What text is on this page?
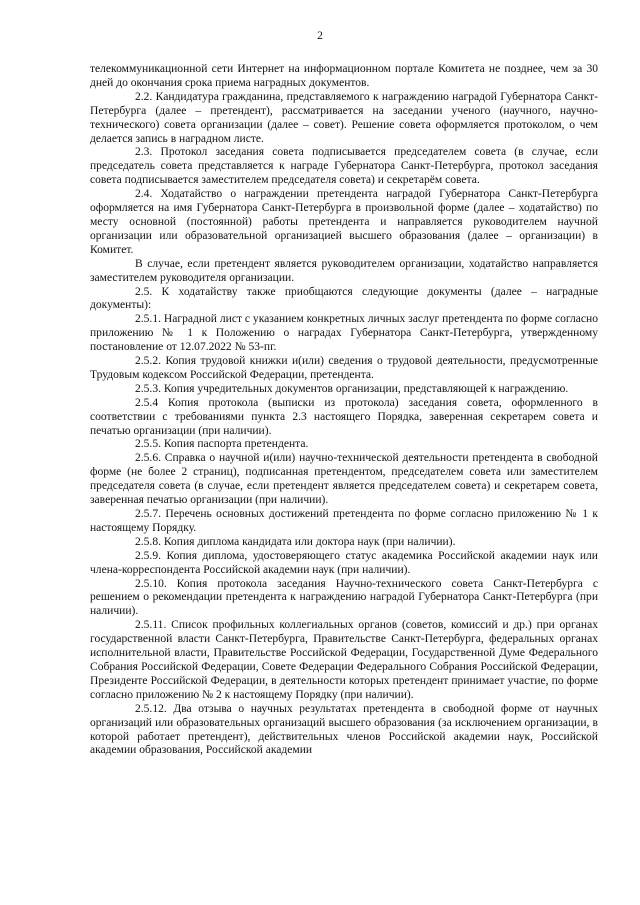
2

телекоммуникационной сети Интернет на информационном портале Комитета не позднее, чем за 30 дней до окончания срока приема наградных документов.

2.2. Кандидатура гражданина, представляемого к награждению наградой Губернатора Санкт-Петербурга (далее – претендент), рассматривается на заседании ученого (научного, научно-технического) совета организации (далее – совет). Решение совета оформляется протоколом, о чем делается запись в наградном листе.

2.3. Протокол заседания совета подписывается председателем совета (в случае, если председатель совета представляется к награде Губернатора Санкт-Петербурга, протокол заседания совета подписывается заместителем председателя совета) и секретарём совета.

2.4. Ходатайство о награждении претендента наградой Губернатора Санкт-Петербурга оформляется на имя Губернатора Санкт-Петербурга в произвольной форме (далее – ходатайство) по месту основной (постоянной) работы претендента и направляется руководителем научной организации или образовательной организацией высшего образования (далее – организации) в Комитет.

В случае, если претендент является руководителем организации, ходатайство направляется заместителем руководителя организации.

2.5. К ходатайству также приобщаются следующие документы (далее – наградные документы):

2.5.1. Наградной лист с указанием конкретных личных заслуг претендента по форме согласно приложению № 1 к Положению о наградах Губернатора Санкт-Петербурга, утвержденному постановление от 12.07.2022 № 53-пг.

2.5.2. Копия трудовой книжки и(или) сведения о трудовой деятельности, предусмотренные Трудовым кодексом Российской Федерации, претендента.

2.5.3. Копия учредительных документов организации, представляющей к награждению.

2.5.4 Копия протокола (выписки из протокола) заседания совета, оформленного в соответствии с требованиями пункта 2.3 настоящего Порядка, заверенная секретарем совета и печатью организации (при наличии).

2.5.5. Копия паспорта претендента.

2.5.6. Справка о научной и(или) научно-технической деятельности претендента в свободной форме (не более 2 страниц), подписанная претендентом, председателем совета или заместителем председателя совета (в случае, если претендент является председателем совета) и секретарем совета, заверенная печатью организации (при наличии).

2.5.7. Перечень основных достижений претендента по форме согласно приложению № 1 к настоящему Порядку.

2.5.8. Копия диплома кандидата или доктора наук (при наличии).

2.5.9. Копия диплома, удостоверяющего статус академика Российской академии наук или члена-корреспондента Российской академии наук (при наличии).

2.5.10. Копия протокола заседания Научно-технического совета Санкт-Петербурга с решением о рекомендации претендента к награждению наградой Губернатора Санкт-Петербурга (при наличии).

2.5.11. Список профильных коллегиальных органов (советов, комиссий и др.) при органах государственной власти Санкт-Петербурга, Правительстве Санкт-Петербурга, федеральных органах исполнительной власти, Правительстве Российской Федерации, Государственной Думе Федерального Собрания Российской Федерации, Совете Федерации Федерального Собрания Российской Федерации, Президенте Российской Федерации, в деятельности которых претендент принимает участие, по форме согласно приложению № 2 к настоящему Порядку (при наличии).

2.5.12. Два отзыва о научных результатах претендента в свободной форме от научных организаций или образовательных организаций высшего образования (за исключением организации, в которой работает претендент), действительных членов Российской академии наук, Российской академии образования, Российской академии
